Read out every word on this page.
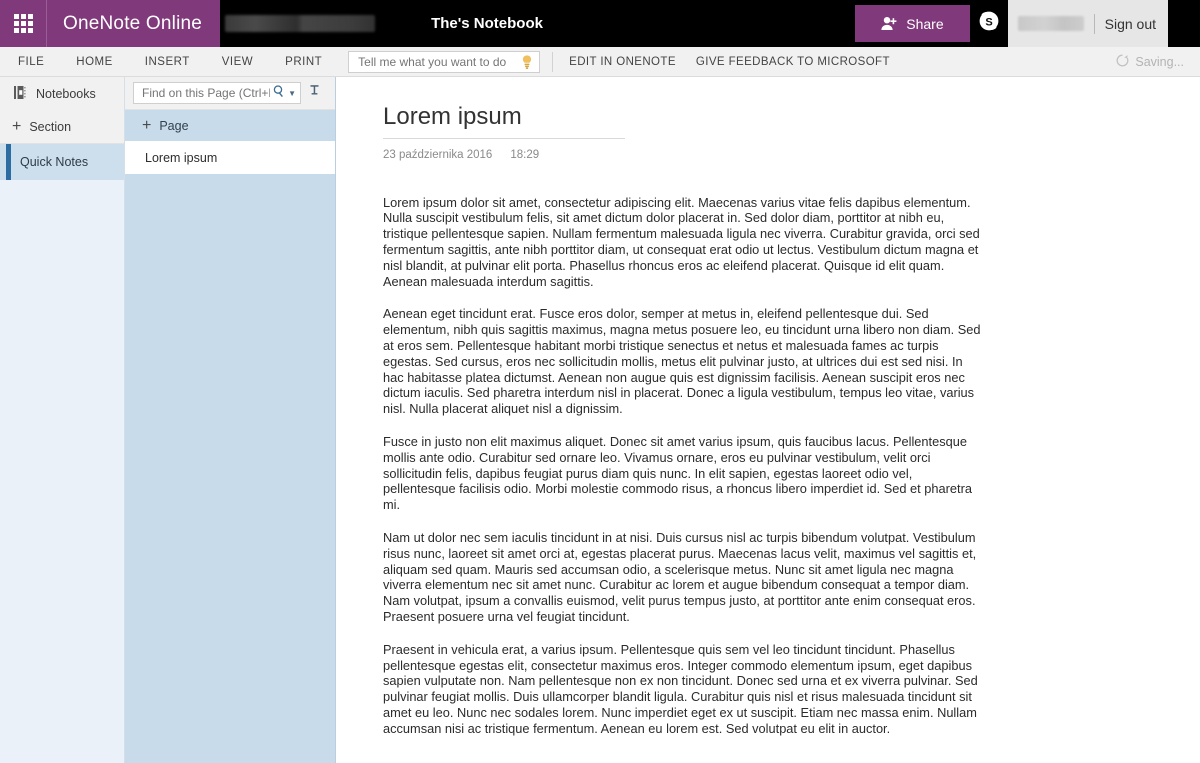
OneNote Online	The's Notebook	Share	S	Sign out
FILE	HOME	INSERT	VIEW	PRINT
Tell me what you want to do	EDIT IN ONENOTE	GIVE FEEDBACK TO MICROSOFT	Saving...
Notebooks
+ Section
Quick Notes
Find on this Page (Ctrl+F
▼
+ Page
Lorem ipsum
Lorem ipsum
23 października 2016 18:29

Lorem ipsum dolor sit amet, consectetur adipiscing elit. Maecenas varius vitae felis dapibus elementum. Nulla suscipit vestibulum felis, sit amet dictum dolor placerat in. Sed dolor diam, porttitor at nibh eu, tristique pellentesque sapien. Nullam fermentum malesuada ligula nec viverra. Curabitur gravida, orci sed fermentum sagittis, ante nibh porttitor diam, ut consequat erat odio ut lectus. Vestibulum dictum magna et nisl blandit, at pulvinar elit porta. Phasellus rhoncus eros ac eleifend placerat. Quisque id elit quam. Aenean malesuada interdum sagittis.

Aenean eget tincidunt erat. Fusce eros dolor, semper at metus in, eleifend pellentesque dui. Sed elementum, nibh quis sagittis maximus, magna metus posuere leo, eu tincidunt urna libero non diam. Sed at eros sem. Pellentesque habitant morbi tristique senectus et netus et malesuada fames ac turpis egestas. Sed cursus, eros nec sollicitudin mollis, metus elit pulvinar justo, at ultrices dui est sed nisi. In hac habitasse platea dictumst. Aenean non augue quis est dignissim facilisis. Aenean suscipit eros nec dictum iaculis. Sed pharetra interdum nisl in placerat. Donec a ligula vestibulum, tempus leo vitae, varius nisl. Nulla placerat aliquet nisl a dignissim.

Fusce in justo non elit maximus aliquet. Donec sit amet varius ipsum, quis faucibus lacus. Pellentesque mollis ante odio. Curabitur sed ornare leo. Vivamus ornare, eros eu pulvinar vestibulum, velit orci sollicitudin felis, dapibus feugiat purus diam quis nunc. In elit sapien, egestas laoreet odio vel, pellentesque facilisis odio. Morbi molestie commodo risus, a rhoncus libero imperdiet id. Sed et pharetra mi.

Nam ut dolor nec sem iaculis tincidunt in at nisi. Duis cursus nisl ac turpis bibendum volutpat. Vestibulum risus nunc, laoreet sit amet orci at, egestas placerat purus. Maecenas lacus velit, maximus vel sagittis et, aliquam sed quam. Mauris sed accumsan odio, a scelerisque metus. Nunc sit amet ligula nec magna viverra elementum nec sit amet nunc. Curabitur ac lorem et augue bibendum consequat a tempor diam. Nam volutpat, ipsum a convallis euismod, velit purus tempus justo, at porttitor ante enim consequat eros. Praesent posuere urna vel feugiat tincidunt.

Praesent in vehicula erat, a varius ipsum. Pellentesque quis sem vel leo tincidunt tincidunt. Phasellus pellentesque egestas elit, consectetur maximus eros. Integer commodo elementum ipsum, eget dapibus sapien vulputate non. Nam pellentesque non ex non tincidunt. Donec sed urna et ex viverra pulvinar. Sed pulvinar feugiat mollis. Duis ullamcorper blandit ligula. Curabitur quis nisl et risus malesuada tincidunt sit amet eu leo. Nunc nec sodales lorem. Nunc imperdiet eget ex ut suscipit. Etiam nec massa enim. Nullam accumsan nisi ac tristique fermentum. Aenean eu lorem est. Sed volutpat eu elit in auctor.
